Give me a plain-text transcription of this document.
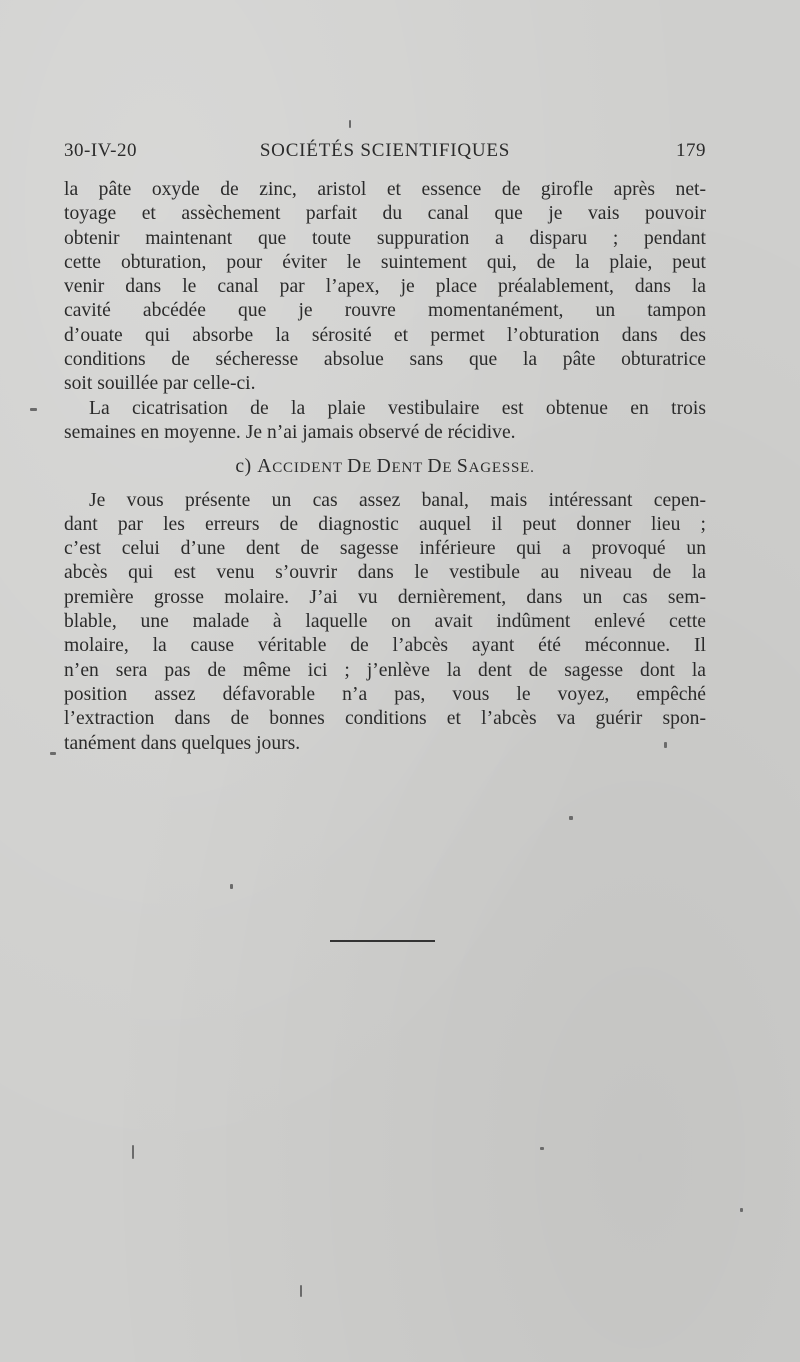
30-IV-20	SOCIÉTÉS SCIENTIFIQUES	179
la pâte oxyde de zinc, aristol et essence de girofle après net-
toyage et assèchement parfait du canal que je vais pouvoir
obtenir maintenant que toute suppuration a disparu ; pendant
cette obturation, pour éviter le suintement qui, de la plaie, peut
venir dans le canal par l’apex, je place préalablement, dans la
cavité abcédée que je rouvre momentanément, un tampon
d’ouate qui absorbe la sérosité et permet l’obturation dans des
conditions de sécheresse absolue sans que la pâte obturatrice
soit souillée par celle-ci.
La cicatrisation de la plaie vestibulaire est obtenue en trois
semaines en moyenne. Je n’ai jamais observé de récidive.
c) ACCIDENT DE DENT DE SAGESSE.
Je vous présente un cas assez banal, mais intéressant cepen-
dant par les erreurs de diagnostic auquel il peut donner lieu ;
c’est celui d’une dent de sagesse inférieure qui a provoqué un
abcès qui est venu s’ouvrir dans le vestibule au niveau de la
première grosse molaire. J’ai vu dernièrement, dans un cas sem-
blable, une malade à laquelle on avait indûment enlevé cette
molaire, la cause véritable de l’abcès ayant été méconnue. Il
n’en sera pas de même ici ; j’enlève la dent de sagesse dont la
position assez défavorable n’a pas, vous le voyez, empêché
l’extraction dans de bonnes conditions et l’abcès va guérir spon-
tanément dans quelques jours.
